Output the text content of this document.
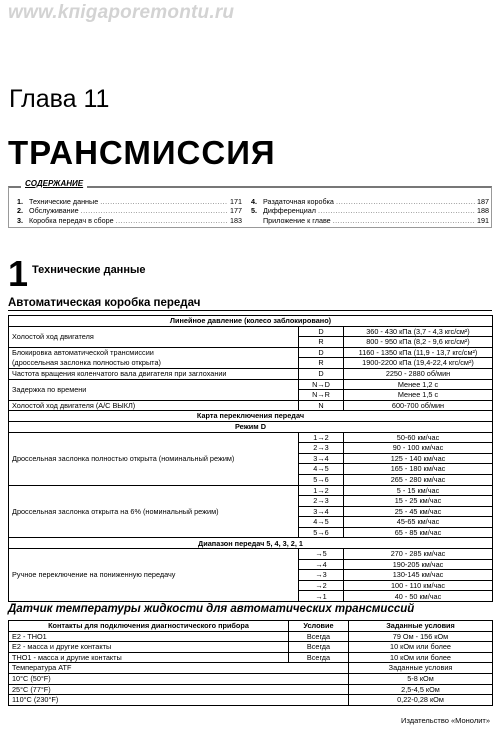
www.kпigaporemontu.ru
Глава 11
ТРАНСМИССИЯ
СОДЕРЖАНИЕ
1. Технические данные .....	171
2. Обслуживание .....	177
3. Коробка передач в сборе .....	183
4. Раздаточная коробка .....	187
5. Дифференциал .....	188
Приложение к главе .....	191
1 Технические данные
Автоматическая коробка передач
Линейное давление (колесо заблокировано)		
Холостой ход двигателя	D	360 - 430 кПа (3,7 - 4,3 кгс/см²)
	R	800 - 950 кПа (8,2 - 9,6 кгс/см²)
Блокировка автоматической трансмиссии
(дроссельная заслонка полностью открыта)	D	1160 - 1350 кПа (11,9 - 13,7 кгс/см²)
	R	1900-2200 кПа (19,4-22,4 кгс/см²)
Частота вращения коленчатого вала двигателя при заглохании	D	2250 - 2880 об/мин
Задержка по времени	N→D	Менее 1,2 с
	N→R	Менее 1,5 с
Холостой ход двигателя (А/С ВЫКЛ)	N	600-700 об/мин
Карта переключения передач		
Режим D		
Дроссельная заслонка полностью открыта (номинальный режим)	1→2	50-60 км/час
	2→3	90 - 100 км/час
	3→4	125 - 140 км/час
	4→5	165 - 180 км/час
	5→6	265 - 280 км/час
Дроссельная заслонка открыта на 6% (номинальный режим)	1→2	5 - 15 км/час
	2→3	15 - 25 км/час
	3→4	25 - 45 км/час
	4→5	45-65 км/час
	5→6	65 - 85 км/час
Диапазон передач 5, 4, 3, 2, 1		
Ручное переключение на пониженную передачу	→5	270 - 285 км/час
	→4	190-205 км/час
	→3	130-145 км/час
	→2	100 - 110 км/час
	→1	40 - 50 км/час
Датчик температуры жидкости для автоматических трансмиссий
Контакты для подключения диагностического прибора	Условие	Заданные условия
E2 - THO1	Всегда	79 Ом - 156 кОм
E2 - масса и другие контакты	Всегда	10 кОм или более
THO1 - масса и другие контакты	Всегда	10 кОм или более
Температура ATF		Заданные условия
10°C (50°F)		5-8 кОм
25°C (77°F)		2,5-4,5 кОм
110°C (230°F)		0,22-0,28 кОм
Издательство «Монолит»
